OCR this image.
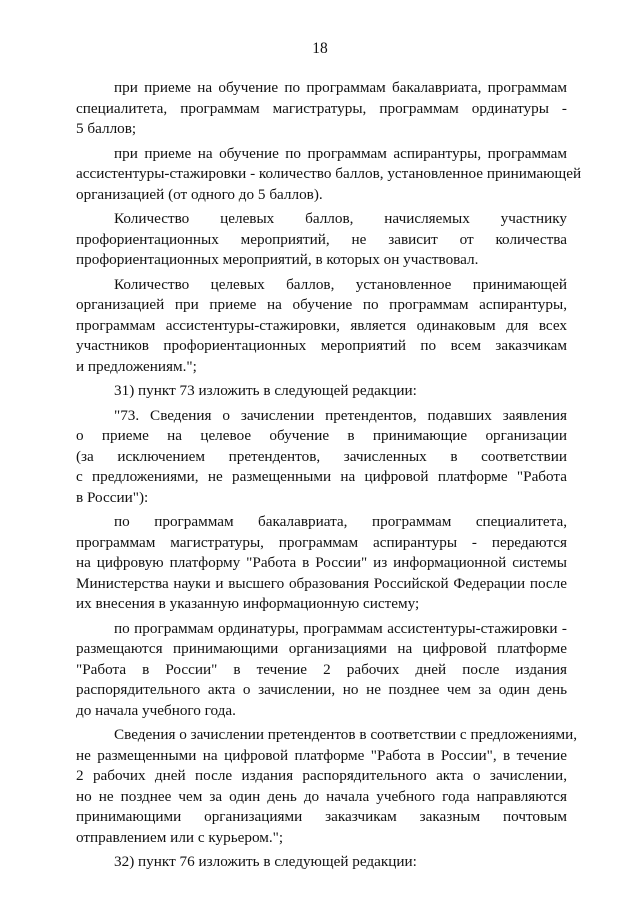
18
при приеме на обучение по программам бакалавриата, программам
специалитета, программам магистратуры, программам ординатуры -
5 баллов;
при приеме на обучение по программам аспирантуры, программам
ассистентуры-стажировки - количество баллов, установленное принимающей
организацией (от одного до 5 баллов).
Количество целевых баллов, начисляемых участнику
профориентационных мероприятий, не зависит от количества
профориентационных мероприятий, в которых он участвовал.
Количество целевых баллов, установленное принимающей
организацией при приеме на обучение по программам аспирантуры,
программам ассистентуры-стажировки, является одинаковым для всех
участников профориентационных мероприятий по всем заказчикам
и предложениям.";
31) пункт 73 изложить в следующей редакции:
"73. Сведения о зачислении претендентов, подавших заявления
о приеме на целевое обучение в принимающие организации
(за исключением претендентов, зачисленных в соответствии
с предложениями, не размещенными на цифровой платформе "Работа
в России"):
по программам бакалавриата, программам специалитета,
программам магистратуры, программам аспирантуры - передаются
на цифровую платформу "Работа в России" из информационной системы
Министерства науки и высшего образования Российской Федерации после
их внесения в указанную информационную систему;
по программам ординатуры, программам ассистентуры-стажировки -
размещаются принимающими организациями на цифровой платформе
"Работа в России" в течение 2 рабочих дней после издания
распорядительного акта о зачислении, но не позднее чем за один день
до начала учебного года.
Сведения о зачислении претендентов в соответствии с предложениями,
не размещенными на цифровой платформе "Работа в России", в течение
2 рабочих дней после издания распорядительного акта о зачислении,
но не позднее чем за один день до начала учебного года направляются
принимающими организациями заказчикам заказным почтовым
отправлением или с курьером.";
32) пункт 76 изложить в следующей редакции:
